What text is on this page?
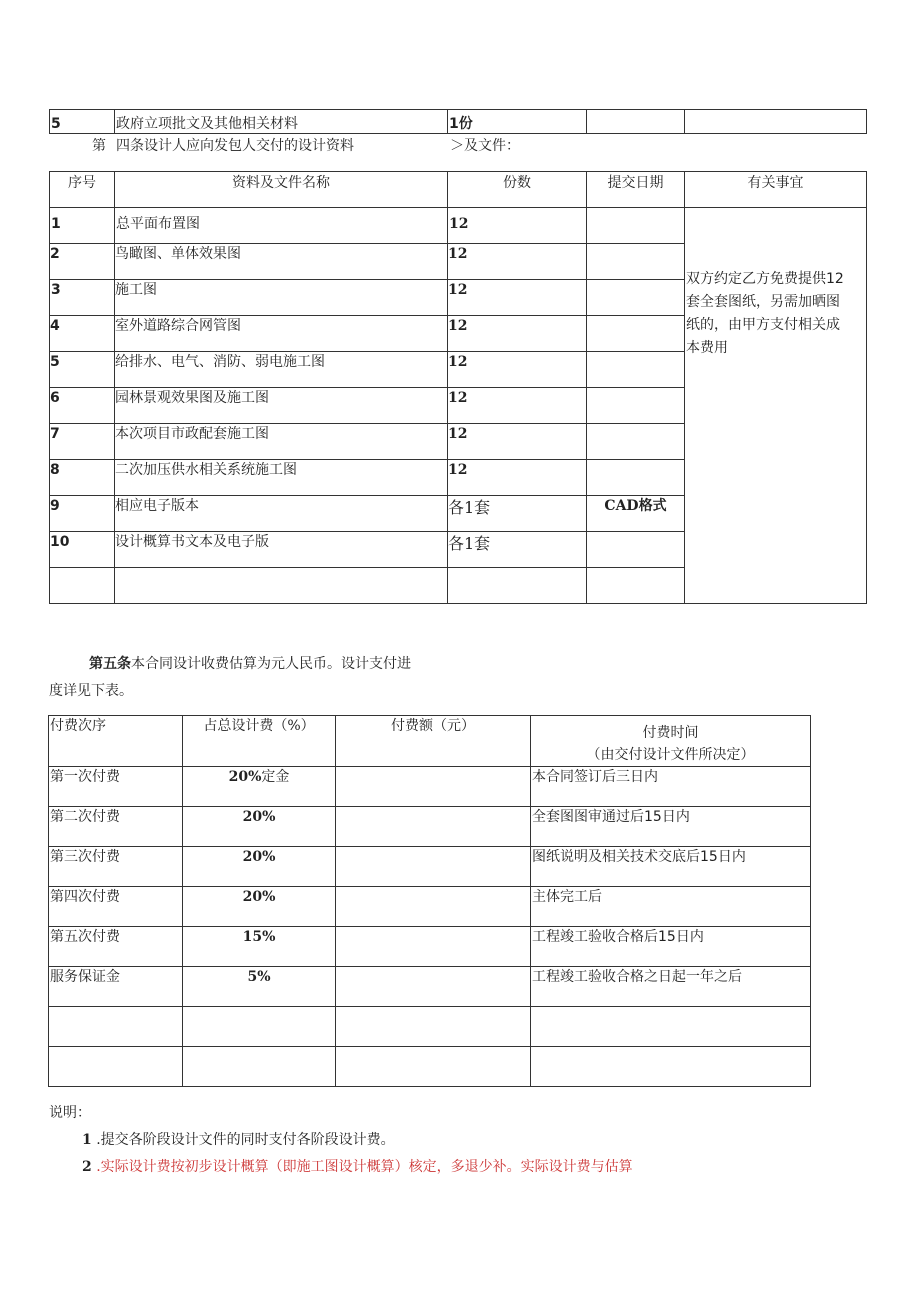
5	政府立项批文及其他相关材料	1份		
第 四条设计人应向发包人交付的设计资料	＞及文件：
序号	资料及文件名称	份数	提交日期	有关事宜
1	总平面布置图	12		双方约定乙方免费提供12
套全套图纸，另需加晒图
纸的，由甲方支付相关成
本费用

2	鸟瞰图、单体效果图	12		
3	施工图	12		
4	室外道路综合网管图	12		
5	给排水、电气、消防、弱电施工图	12		
6	园林景观效果图及施工图	12		
7	本次项目市政配套施工图	12		
8	二次加压供水相关系统施工图	12		
9	相应电子版本	各1套	CAD格式	
10	设计概算书文本及电子版	各1套		

第五条本合同设计收费估算为元人民币。设计支付进
度详见下表。
付费次序	占总设计费（%）	付费额（元）	付费时间
（由交付设计文件所决定）

第一次付费	20%定金		本合同签订后三日内
第二次付费	20%		全套图图审通过后15日内
第三次付费	20%		图纸说明及相关技术交底后15日内
第四次付费	20%		主体完工后
第五次付费	15%		工程竣工验收合格后15日内
服务保证金	5%		工程竣工验收合格之日起一年之后

说明：
1 .提交各阶段设计文件的同时支付各阶段设计费。
2 .实际设计费按初步设计概算（即施工图设计概算）核定，多退少补。实际设计费与估算
